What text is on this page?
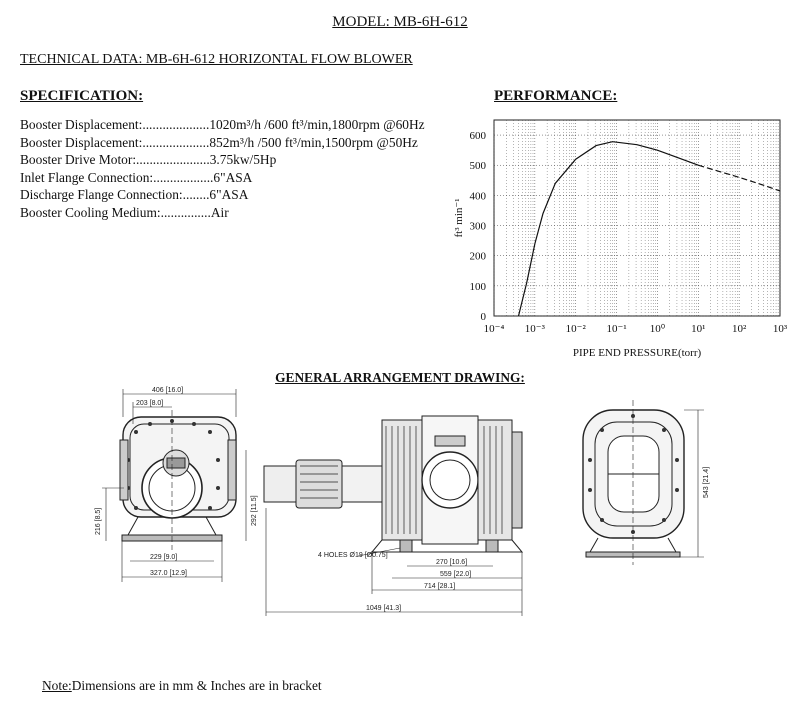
MODEL: MB-6H-612
TECHNICAL DATA: MB-6H-612 HORIZONTAL FLOW BLOWER
SPECIFICATION:	PERFORMANCE:
Booster Displacement:....................1020m³/h /600 ft³/min,1800rpm @60Hz
Booster Displacement:....................852m³/h /500 ft³/min,1500rpm @50Hz
Booster Drive Motor:......................3.75kw/5Hp
Inlet Flange Connection:..................6"ASA
Discharge Flange Connection:........6"ASA
Booster Cooling Medium:...............Air
0
100
200
300
400
500
600
10⁻⁴ 10⁻³ 10⁻² 10⁻¹ 10⁰ 10¹ 10² 10³
PIPE END PRESSURE(torr)
ft³ min⁻¹
GENERAL ARRANGEMENT DRAWING:
406 [16.0]
203 [8.0]
216 [8.5]	292 [11.5]
229 [9.0]
327.0 [12.9]
4 HOLES Ø19 [Ø0.75]
270 [10.6]
559 [22.0]
714 [28.1]
1049 [41.3]
543 [21.4]
Note:Dimensions are in mm & Inches are in bracket
